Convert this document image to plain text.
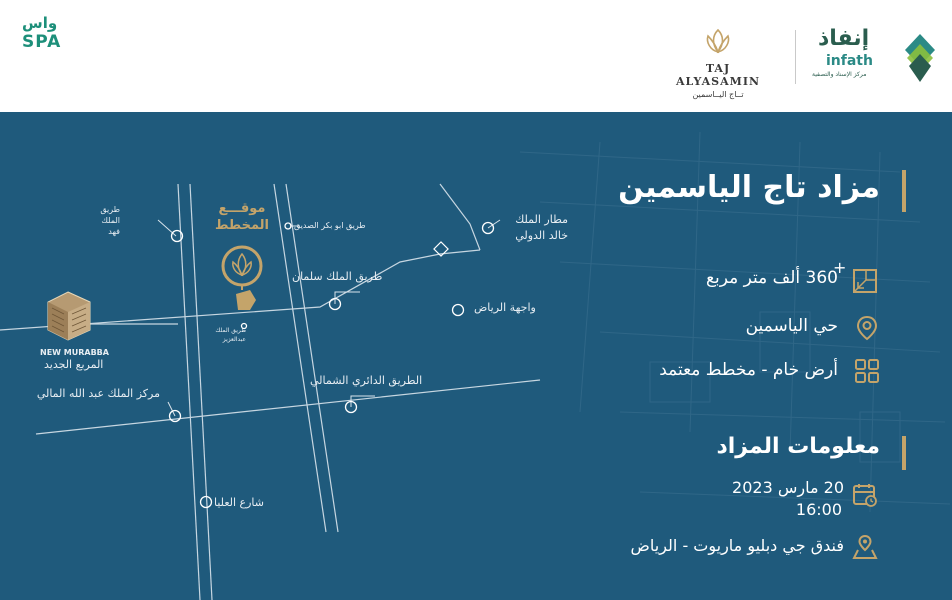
واس
SPA
TAJ ALYASAMIN
تــاج اليــاسمين
إنفاذ
infath
مركز الإسناد والتصفية
موقـــع المخطط
طريق الملك فهد
طريق ابو بكر الصديق	مطار الملك خالد الدولي
طريق الملك سلمان
واجهة الرياض
طريق الملك عبدالعزيز
NEW MURABBA
المربع الجديد
مركز الملك عبد الله المالي
الطريق الدائري الشمالي
شارع العليا
مزاد تاج الياسمين
+
360 ألف متر مربع
حي الياسمين
أرض خام - مخطط معتمد
معلومات المزاد
20 مارس 2023
16:00
فندق جي دبليو ماريوت - الرياض
